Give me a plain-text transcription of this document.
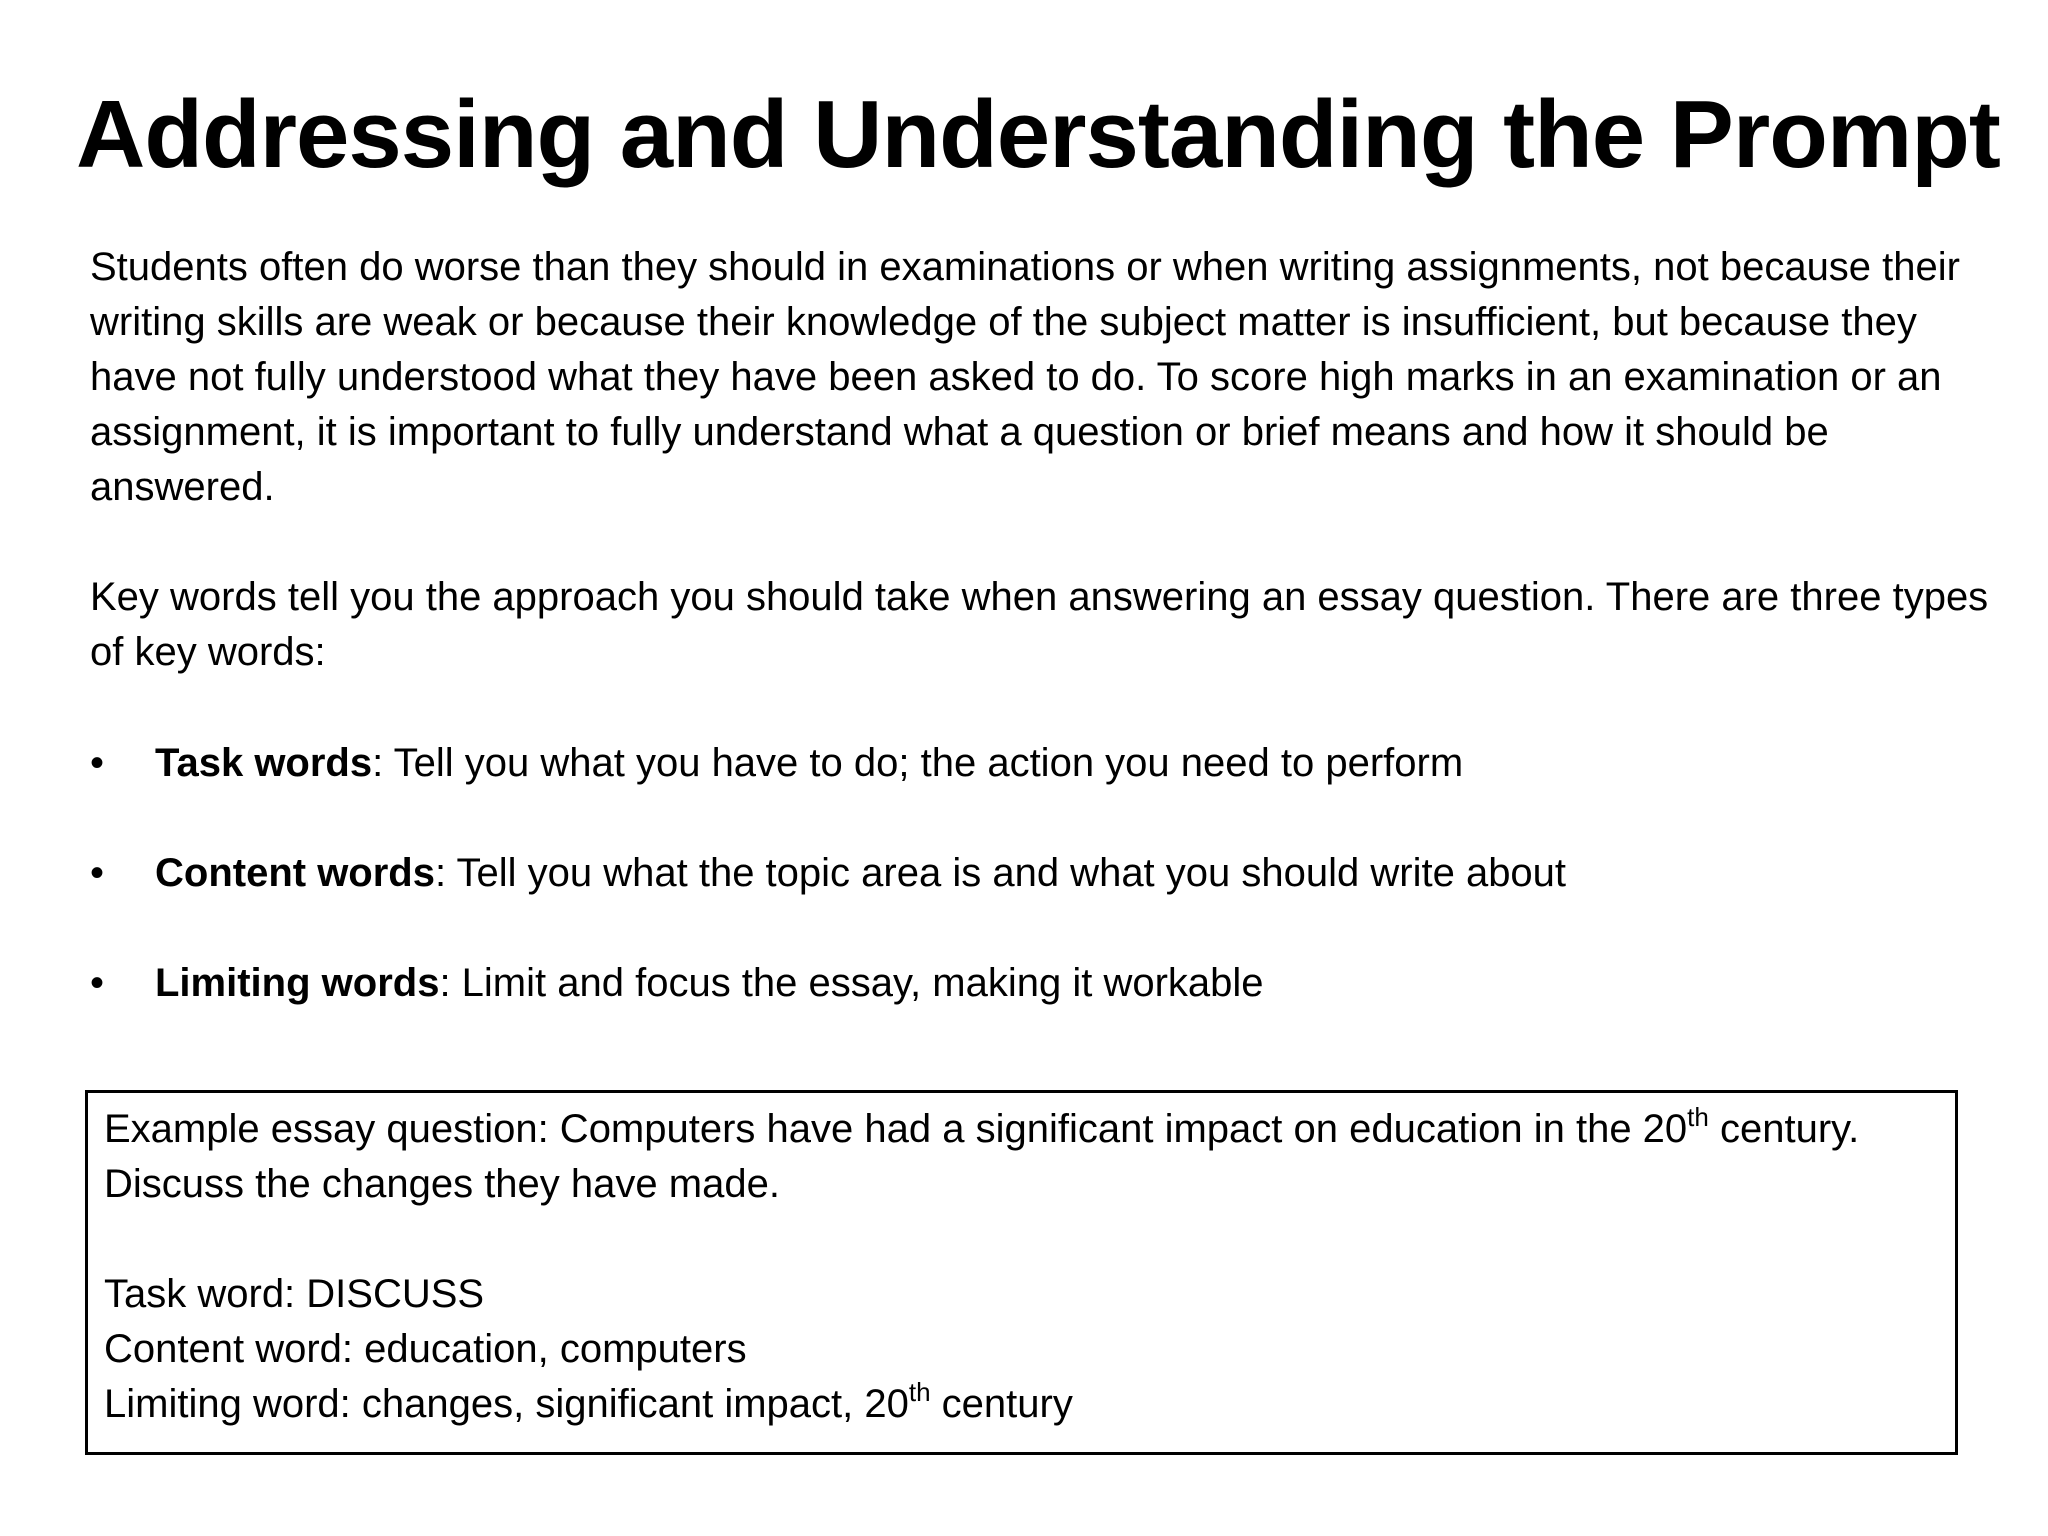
Addressing and Understanding the Prompt
Students often do worse than they should in examinations or when writing assignments, not because their writing skills are weak or because their knowledge of the subject matter is insufficient, but because they have not fully understood what they have been asked to do. To score high marks in an examination or an assignment, it is important to fully understand what a question or brief means and how it should be answered.
Key words tell you the approach you should take when answering an essay question. There are three types of key words:
• Task words: Tell you what you have to do; the action you need to perform
• Content words: Tell you what the topic area is and what you should write about
• Limiting words: Limit and focus the essay, making it workable
Example essay question: Computers have had a significant impact on education in the 20th century.
Discuss the changes they have made.
Task word: DISCUSS
Content word: education, computers
Limiting word: changes, significant impact, 20th century
